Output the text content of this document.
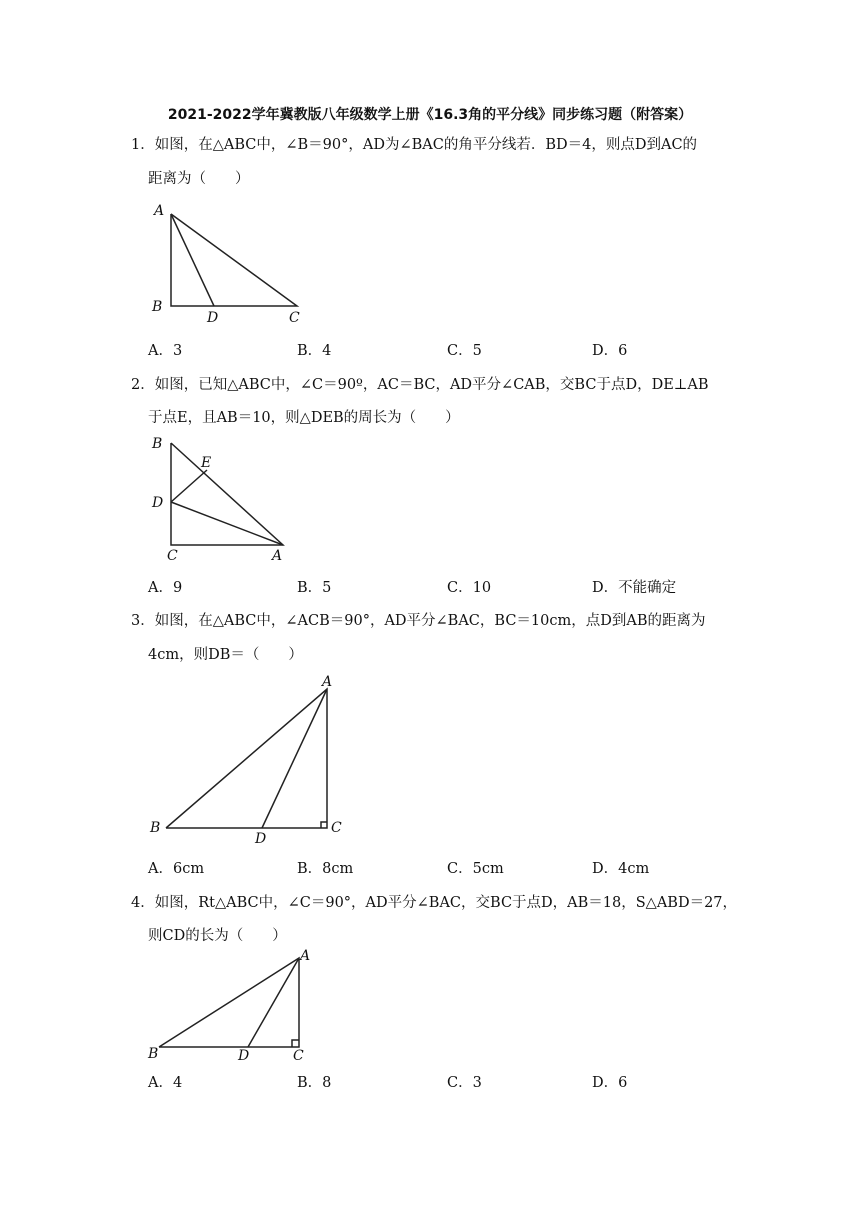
2021-2022学年冀教版八年级数学上册《16.3角的平分线》同步练习题（附答案）
1．如图，在△ABC中，∠B＝90°，AD为∠BAC的角平分线若．BD＝4，则点D到AC的
距离为（　　）
A
B
D	C
A．3	B．4	C．5	D．6
2．如图，已知△ABC中，∠C＝90º，AC＝BC，AD平分∠CAB，交BC于点D，DE⊥AB
于点E，且AB＝10，则△DEB的周长为（　　）
B
E
D
C	A
A．9	B．5	C．10	D．不能确定
3．如图，在△ABC中，∠ACB＝90°，AD平分∠BAC，BC＝10cm，点D到AB的距离为
4cm，则DB＝（　　）
A
B
D
C
A．6cm	B．8cm	C．5cm	D．4cm
4．如图，Rt△ABC中，∠C＝90°，AD平分∠BAC，交BC于点D，AB＝18，S△ABD＝27，
则CD的长为（　　）
A
B	D	C
A．4	B．8	C．3	D．6
